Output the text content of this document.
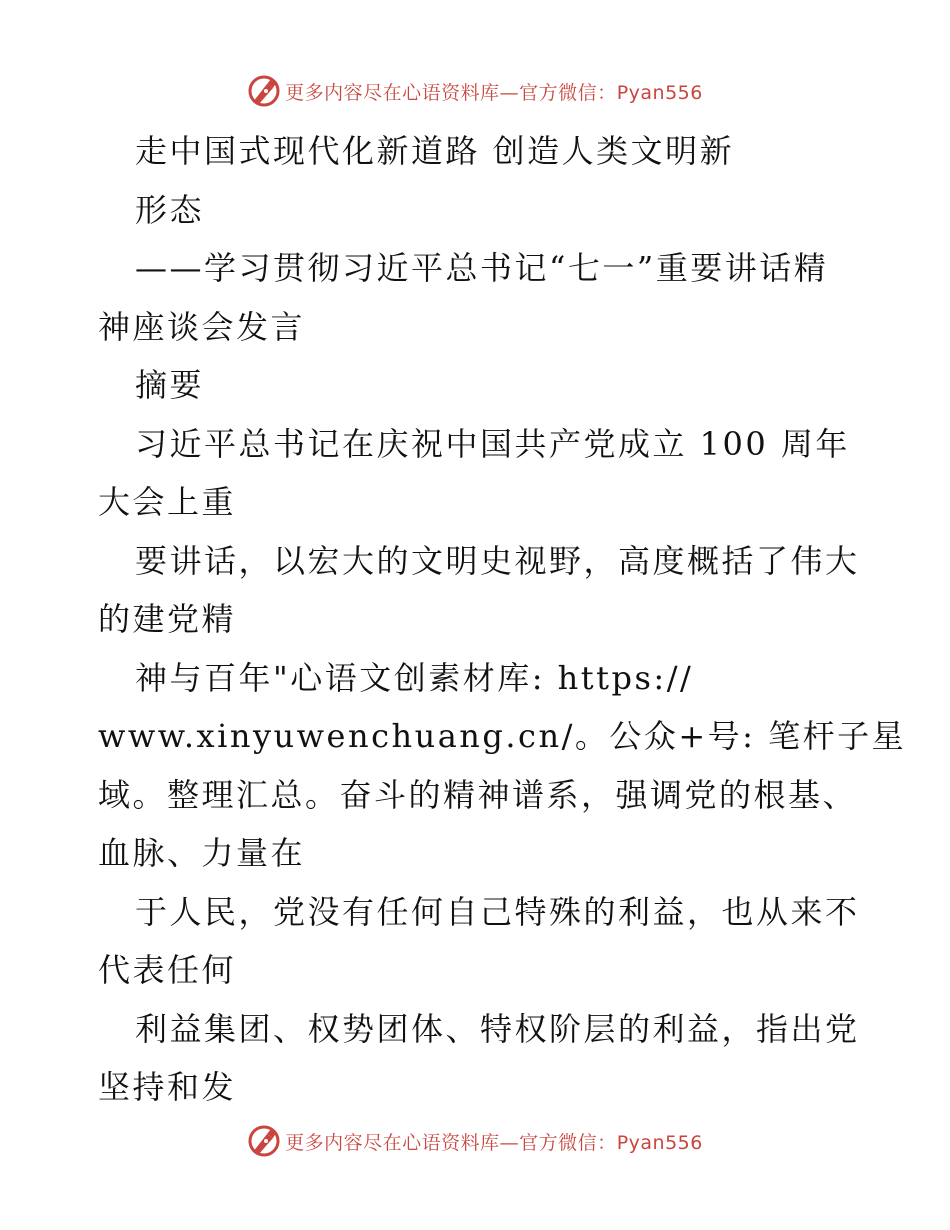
更多内容尽在心语资料库—官方微信：Pyan556
走中国式现代化新道路 创造人类文明新
形态
——学习贯彻习近平总书记“七一”重要讲话精
神座谈会发言
摘要
习近平总书记在庆祝中国共产党成立 100 周年
大会上重
要讲话，以宏大的文明史视野，高度概括了伟大
的建党精
神与百年"心语文创素材库: https://
www.xinyuwenchuang.cn/。公众+号: 笔杆子星
域。整理汇总。奋斗的精神谱系，强调党的根基、
血脉、力量在
于人民，党没有任何自己特殊的利益，也从来不
代表任何
利益集团、权势团体、特权阶层的利益，指出党
坚持和发
更多内容尽在心语资料库—官方微信：Pyan556
